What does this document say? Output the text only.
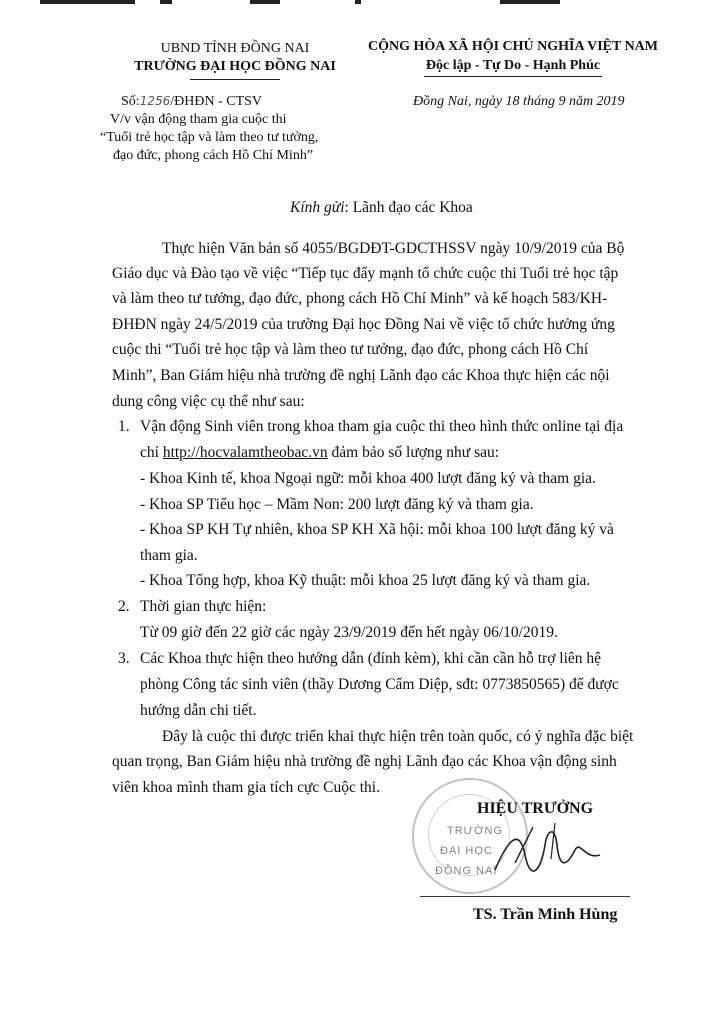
UBND TỈNH ĐỒNG NAI
TRƯỜNG ĐẠI HỌC ĐỒNG NAI
CỘNG HÒA XÃ HỘI CHỦ NGHĨA VIỆT NAM
Độc lập - Tự Do - Hạnh Phúc
Số:1256/ĐHĐN - CTSV	Đồng Nai, ngày 18 tháng 9 năm 2019
V/v vận động tham gia cuộc thi
“Tuổi trẻ học tập và làm theo tư tưởng,
đạo đức, phong cách Hồ Chí Minh”
Kính gửi: Lãnh đạo các Khoa
Thực hiện Văn bản số 4055/BGDĐT-GDCTHSSV ngày 10/9/2019 của Bộ
Giáo dục và Đào tạo về việc “Tiếp tục đẩy mạnh tổ chức cuộc thi Tuổi trẻ học tập
và làm theo tư tưởng, đạo đức, phong cách Hồ Chí Minh” và kế hoạch 583/KH-
ĐHĐN ngày 24/5/2019 của trường Đại học Đồng Nai về việc tổ chức hưởng ứng
cuộc thi “Tuổi trẻ học tập và làm theo tư tưởng, đạo đức, phong cách Hồ Chí
Minh”, Ban Giám hiệu nhà trường đề nghị Lãnh đạo các Khoa thực hiện các nội
dung công việc cụ thể như sau:
1. Vận động Sinh viên trong khoa tham gia cuộc thi theo hình thức online tại địa
chỉ http://hocvalamtheobac.vn đảm bảo số lượng như sau:
- Khoa Kinh tế, khoa Ngoại ngữ: mỗi khoa 400 lượt đăng ký và tham gia.
- Khoa SP Tiểu học – Mầm Non: 200 lượt đăng ký và tham gia.
- Khoa SP KH Tự nhiên, khoa SP KH Xã hội: mỗi khoa 100 lượt đăng ký và
tham gia.
- Khoa Tổng hợp, khoa Kỹ thuật: mỗi khoa 25 lượt đăng ký và tham gia.
2. Thời gian thực hiện:
Từ 09 giờ đến 22 giờ các ngày 23/9/2019 đến hết ngày 06/10/2019.
3. Các Khoa thực hiện theo hướng dẫn (đính kèm), khi cần cần hỗ trợ liên hệ
phòng Công tác sinh viên (thầy Dương Cẩm Diệp, sđt: 0773850565) để được
hướng dẫn chi tiết.
Đây là cuộc thi được triển khai thực hiện trên toàn quốc, có ý nghĩa đặc biệt
quan trọng, Ban Giám hiệu nhà trường đề nghị Lãnh đạo các Khoa vận động sinh
viên khoa mình tham gia tích cực Cuộc thi.
TRƯỜNG
ĐẠI HỌC
ĐỒNG NAI
HIỆU TRƯỞNG
TS. Trần Minh Hùng
